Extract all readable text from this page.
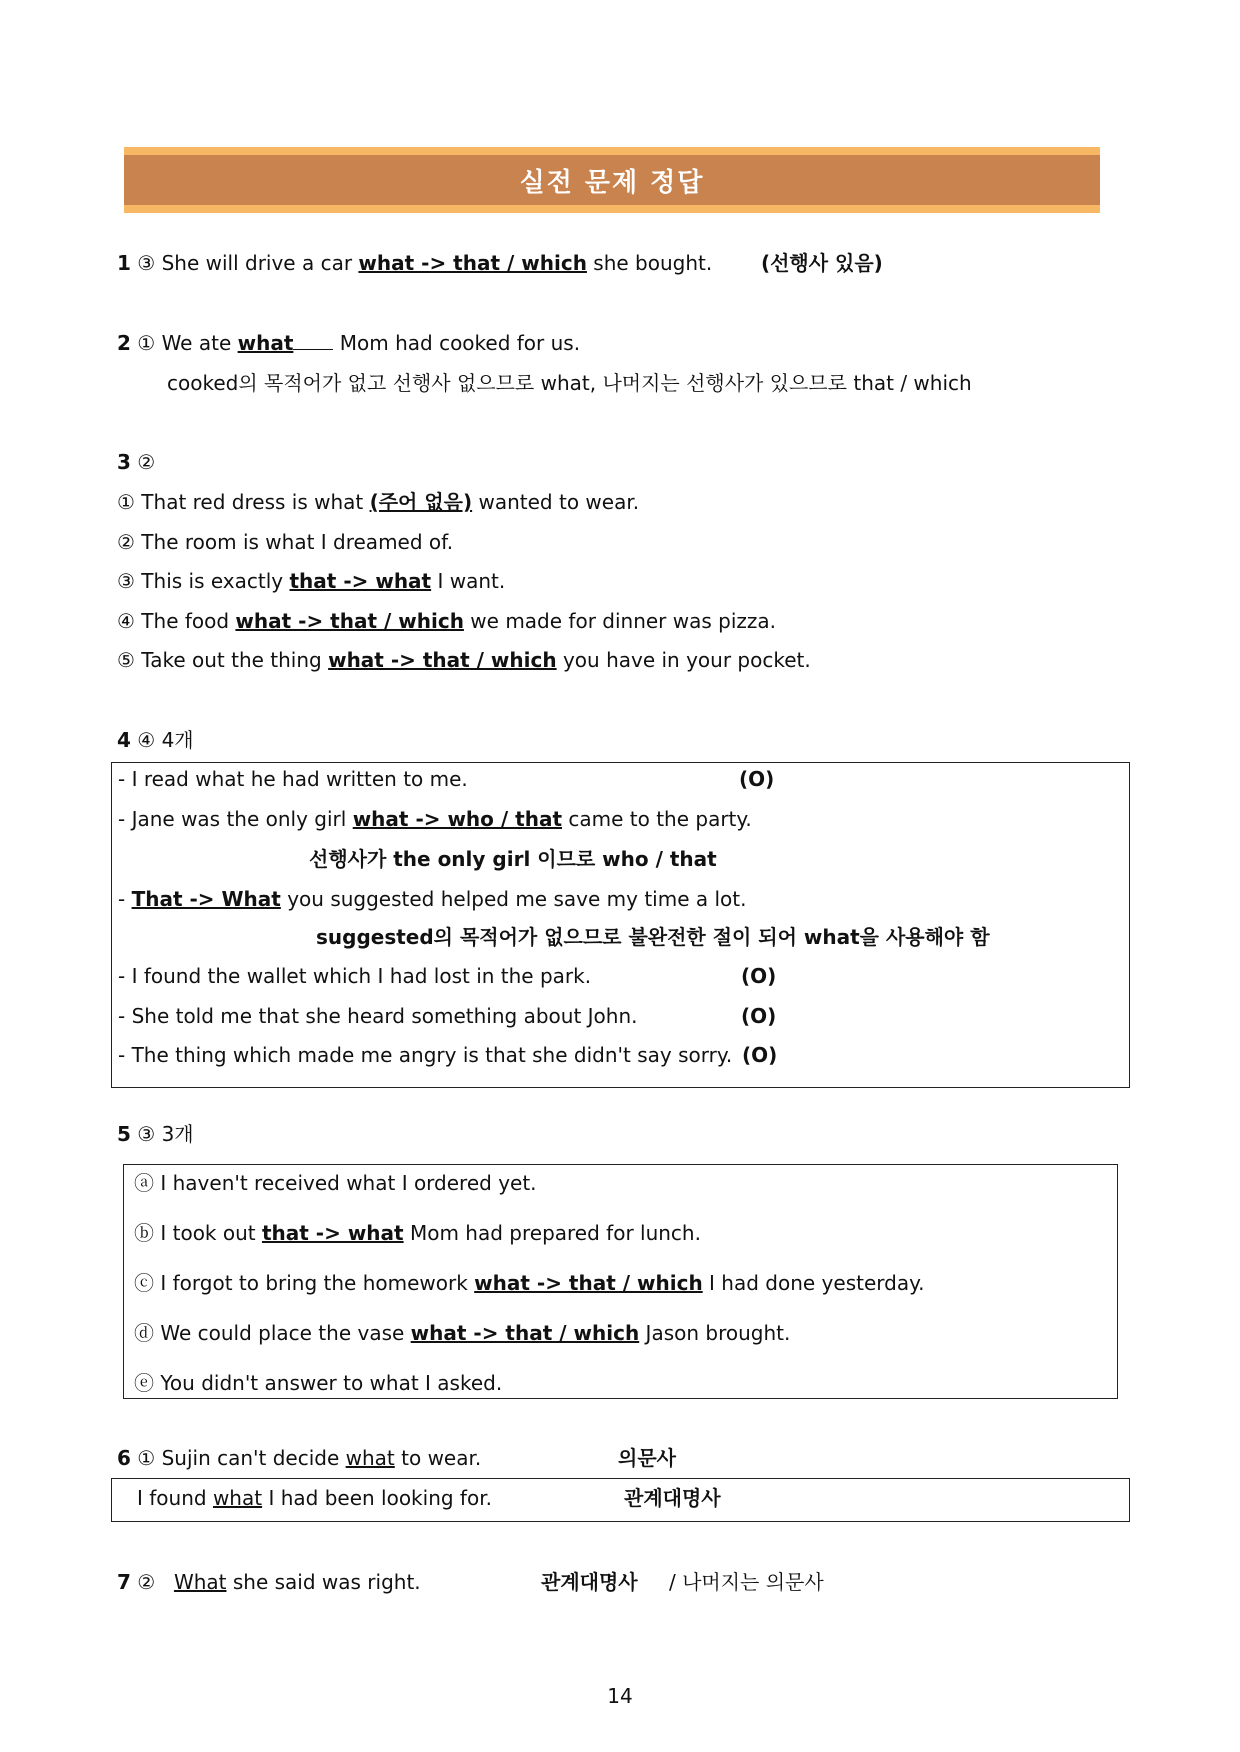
실전 문제 정답
1 ③ She will drive a car what -> that / which she bought. (선행사 있음)
2 ① We ate what Mom had cooked for us.
cooked의 목적어가 없고 선행사 없으므로 what, 나머지는 선행사가 있으므로 that / which
3 ②
① That red dress is what (주어 없음) wanted to wear.
② The room is what I dreamed of.
③ This is exactly that -> what I want.
④ The food what -> that / which we made for dinner was pizza.
⑤ Take out the thing what -> that / which you have in your pocket.
4 ④ 4개
- I read what he had written to me.	(O)
- Jane was the only girl what -> who / that came to the party.
선행사가 the only girl 이므로 who / that
- That -> What you suggested helped me save my time a lot.
suggested의 목적어가 없으므로 불완전한 절이 되어 what을 사용해야 함
- I found the wallet which I had lost in the park.	(O)
- She told me that she heard something about John.	(O)
- The thing which made me angry is that she didn't say sorry. (O)
5 ③ 3개
ⓐ I haven't received what I ordered yet.
ⓑ I took out that -> what Mom had prepared for lunch.
ⓒ I forgot to bring the homework what -> that / which I had done yesterday.
ⓓ We could place the vase what -> that / which Jason brought.
ⓔ You didn't answer to what I asked.
6 ① Sujin can't decide what to wear.	의문사
I found what I had been looking for.	관계대명사
7 ② What she said was right.	관계대명사 / 나머지는 의문사
14
